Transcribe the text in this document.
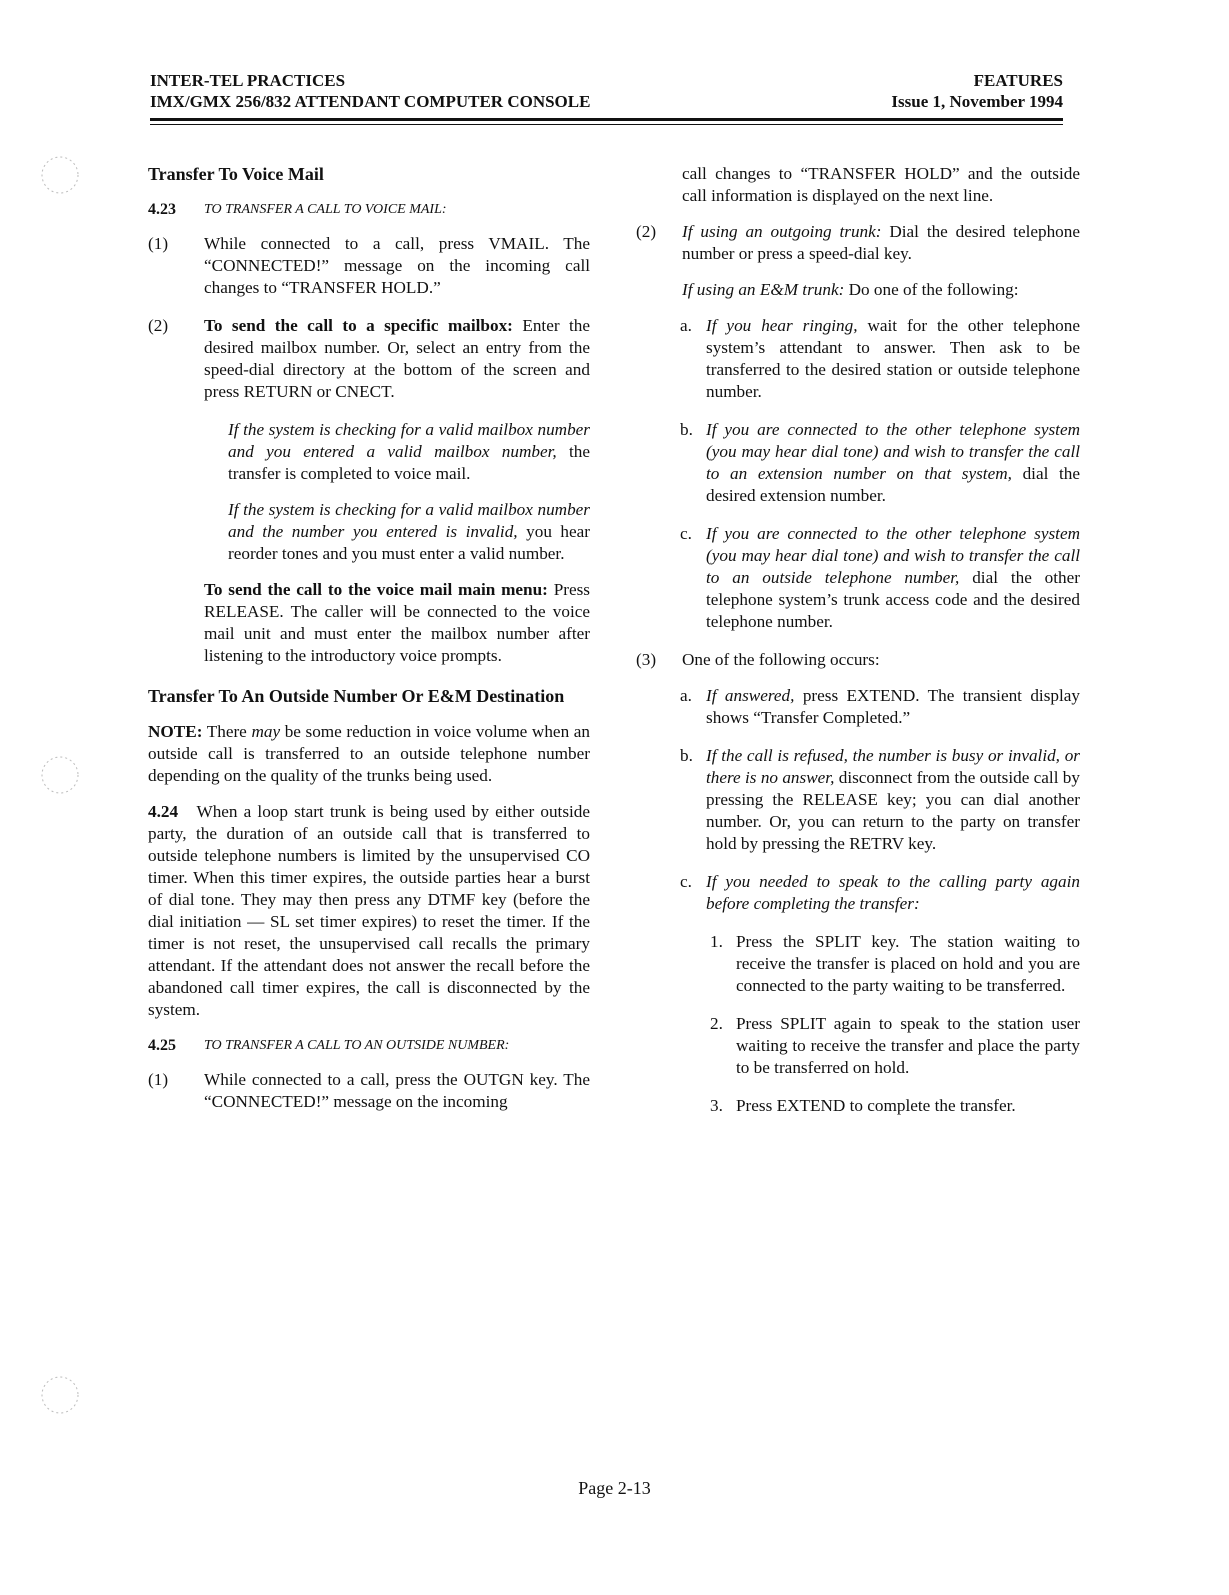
INTER-TEL PRACTICES
IMX/GMX 256/832 ATTENDANT COMPUTER CONSOLE
FEATURES
Issue 1, November 1994
Transfer To Voice Mail
4.23 TO TRANSFER A CALL TO VOICE MAIL:
(1) While connected to a call, press VMAIL. The “CONNECTED!” message on the incoming call changes to “TRANSFER HOLD.”

(2) To send the call to a specific mailbox: Enter the desired mailbox number. Or, select an entry from the speed-dial directory at the bottom of the screen and press RETURN or CNECT.

If the system is checking for a valid mailbox number and you entered a valid mailbox number, the transfer is completed to voice mail.

If the system is checking for a valid mailbox number and the number you entered is invalid, you hear reorder tones and you must enter a valid number.

To send the call to the voice mail main menu: Press RELEASE. The caller will be connected to the voice mail unit and must enter the mailbox number after listening to the introductory voice prompts.

Transfer To An Outside Number Or E&M Destination

NOTE: There may be some reduction in voice volume when an outside call is transferred to an outside telephone number depending on the quality of the trunks being used.

4.24 When a loop start trunk is being used by either outside party, the duration of an outside call that is transferred to outside telephone numbers is limited by the unsupervised CO timer. When this timer expires, the outside parties hear a burst of dial tone. They may then press any DTMF key (before the dial initiation — SL set timer expires) to reset the timer. If the timer is not reset, the unsupervised call recalls the primary attendant. If the attendant does not answer the recall before the abandoned call timer expires, the call is disconnected by the system.

4.25 TO TRANSFER A CALL TO AN OUTSIDE NUMBER:
(1) While connected to a call, press the OUTGN key. The “CONNECTED!” message on the incoming

call changes to “TRANSFER HOLD” and the outside call information is displayed on the next line.

(2) If using an outgoing trunk: Dial the desired telephone number or press a speed-dial key.

If using an E&M trunk: Do one of the following:

a. If you hear ringing, wait for the other telephone system’s attendant to answer. Then ask to be transferred to the desired station or outside telephone number.

b. If you are connected to the other telephone system (you may hear dial tone) and wish to transfer the call to an extension number on that system, dial the desired extension number.

c. If you are connected to the other telephone system (you may hear dial tone) and wish to transfer the call to an outside telephone number, dial the other telephone system’s trunk access code and the desired telephone number.

(3) One of the following occurs:

a. If answered, press EXTEND. The transient display shows “Transfer Completed.”

b. If the call is refused, the number is busy or invalid, or there is no answer, disconnect from the outside call by pressing the RELEASE key; you can dial another number. Or, you can return to the party on transfer hold by pressing the RETRV key.

c. If you needed to speak to the calling party again before completing the transfer:

1. Press the SPLIT key. The station waiting to receive the transfer is placed on hold and you are connected to the party waiting to be transferred.

2. Press SPLIT again to speak to the station user waiting to receive the transfer and place the party to be transferred on hold.

3. Press EXTEND to complete the transfer.

Page 2-13
